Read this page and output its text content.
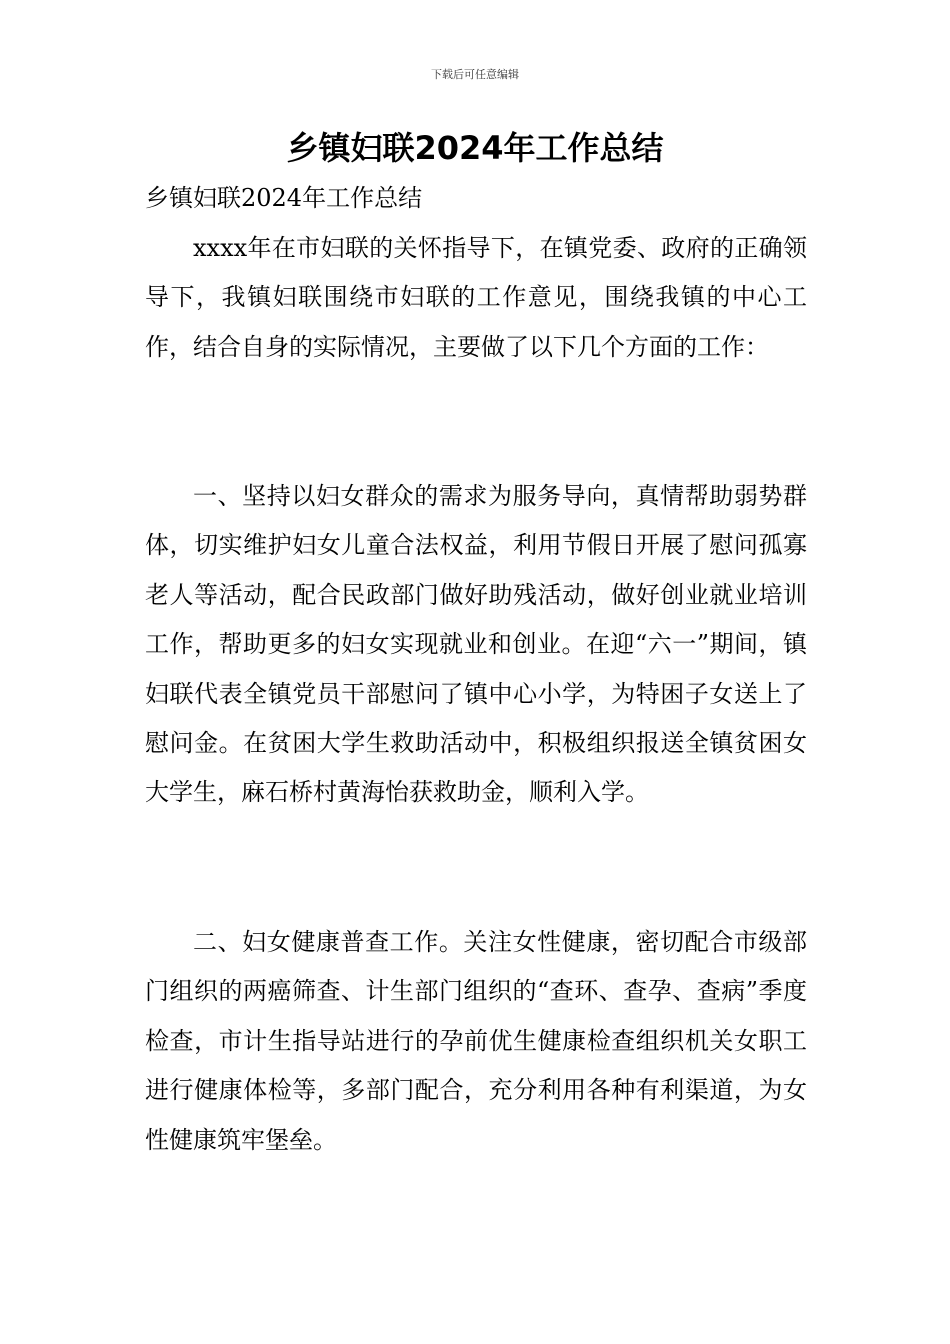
下载后可任意编辑
乡镇妇联2024年工作总结
乡镇妇联2024年工作总结

xxxx年在市妇联的关怀指导下，在镇党委、政府的正确领导下，我镇妇联围绕市妇联的工作意见，围绕我镇的中心工作，结合自身的实际情况，主要做了以下几个方面的工作：

一、坚持以妇女群众的需求为服务导向，真情帮助弱势群体，切实维护妇女儿童合法权益，利用节假日开展了慰问孤寡老人等活动，配合民政部门做好助残活动，做好创业就业培训工作，帮助更多的妇女实现就业和创业。在迎“六一”期间，镇妇联代表全镇党员干部慰问了镇中心小学，为特困子女送上了慰问金。在贫困大学生救助活动中，积极组织报送全镇贫困女大学生，麻石桥村黄海怡获救助金，顺利入学。

二、妇女健康普查工作。关注女性健康，密切配合市级部门组织的两癌筛查、计生部门组织的“查环、查孕、查病”季度检查，市计生指导站进行的孕前优生健康检查组织机关女职工进行健康体检等，多部门配合，充分利用各种有利渠道，为女性健康筑牢堡垒。
